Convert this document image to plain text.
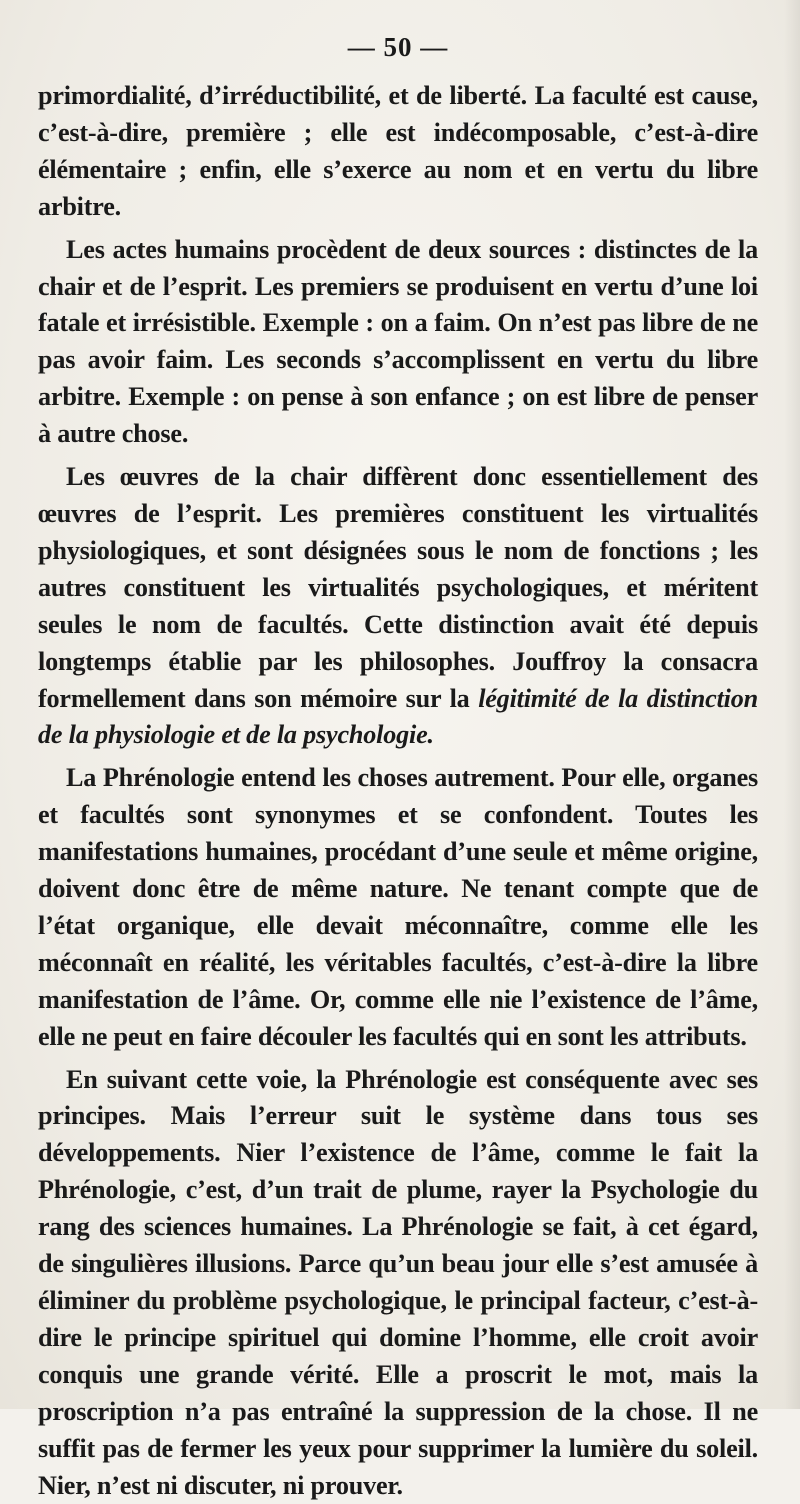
— 50 —

primordialité, d’irréductibilité, et de liberté. La faculté est cause, c’est-à-dire, première ; elle est indécomposable, c’est-à-dire élémentaire ; enfin, elle s’exerce au nom et en vertu du libre arbitre.

Les actes humains procèdent de deux sources : distinctes de la chair et de l’esprit. Les premiers se produisent en vertu d’une loi fatale et irrésistible. Exemple : on a faim. On n’est pas libre de ne pas avoir faim. Les seconds s’accomplissent en vertu du libre arbitre. Exemple : on pense à son enfance ; on est libre de penser à autre chose.

Les œuvres de la chair diffèrent donc essentiellement des œuvres de l’esprit. Les premières constituent les virtualités physiologiques, et sont désignées sous le nom de fonctions ; les autres constituent les virtualités psychologiques, et méritent seules le nom de facultés. Cette distinction avait été depuis longtemps établie par les philosophes. Jouffroy la consacra formellement dans son mémoire sur la légitimité de la distinction de la physiologie et de la psychologie.

La Phrénologie entend les choses autrement. Pour elle, organes et facultés sont synonymes et se confondent. Toutes les manifestations humaines, procédant d’une seule et même origine, doivent donc être de même nature. Ne tenant compte que de l’état organique, elle devait méconnaître, comme elle les méconnaît en réalité, les véritables facultés, c’est-à-dire la libre manifestation de l’âme. Or, comme elle nie l’existence de l’âme, elle ne peut en faire découler les facultés qui en sont les attributs.

En suivant cette voie, la Phrénologie est conséquente avec ses principes. Mais l’erreur suit le système dans tous ses développements. Nier l’existence de l’âme, comme le fait la Phrénologie, c’est, d’un trait de plume, rayer la Psychologie du rang des sciences humaines. La Phrénologie se fait, à cet égard, de singulières illusions. Parce qu’un beau jour elle s’est amusée à éliminer du problème psychologique, le principal facteur, c’est-à-dire le principe spirituel qui domine l’homme, elle croit avoir conquis une grande vérité. Elle a proscrit le mot, mais la proscription n’a pas entraîné la suppression de la chose. Il ne suffit pas de fermer les yeux pour supprimer la lumière du soleil. Nier, n’est ni discuter, ni prouver.
